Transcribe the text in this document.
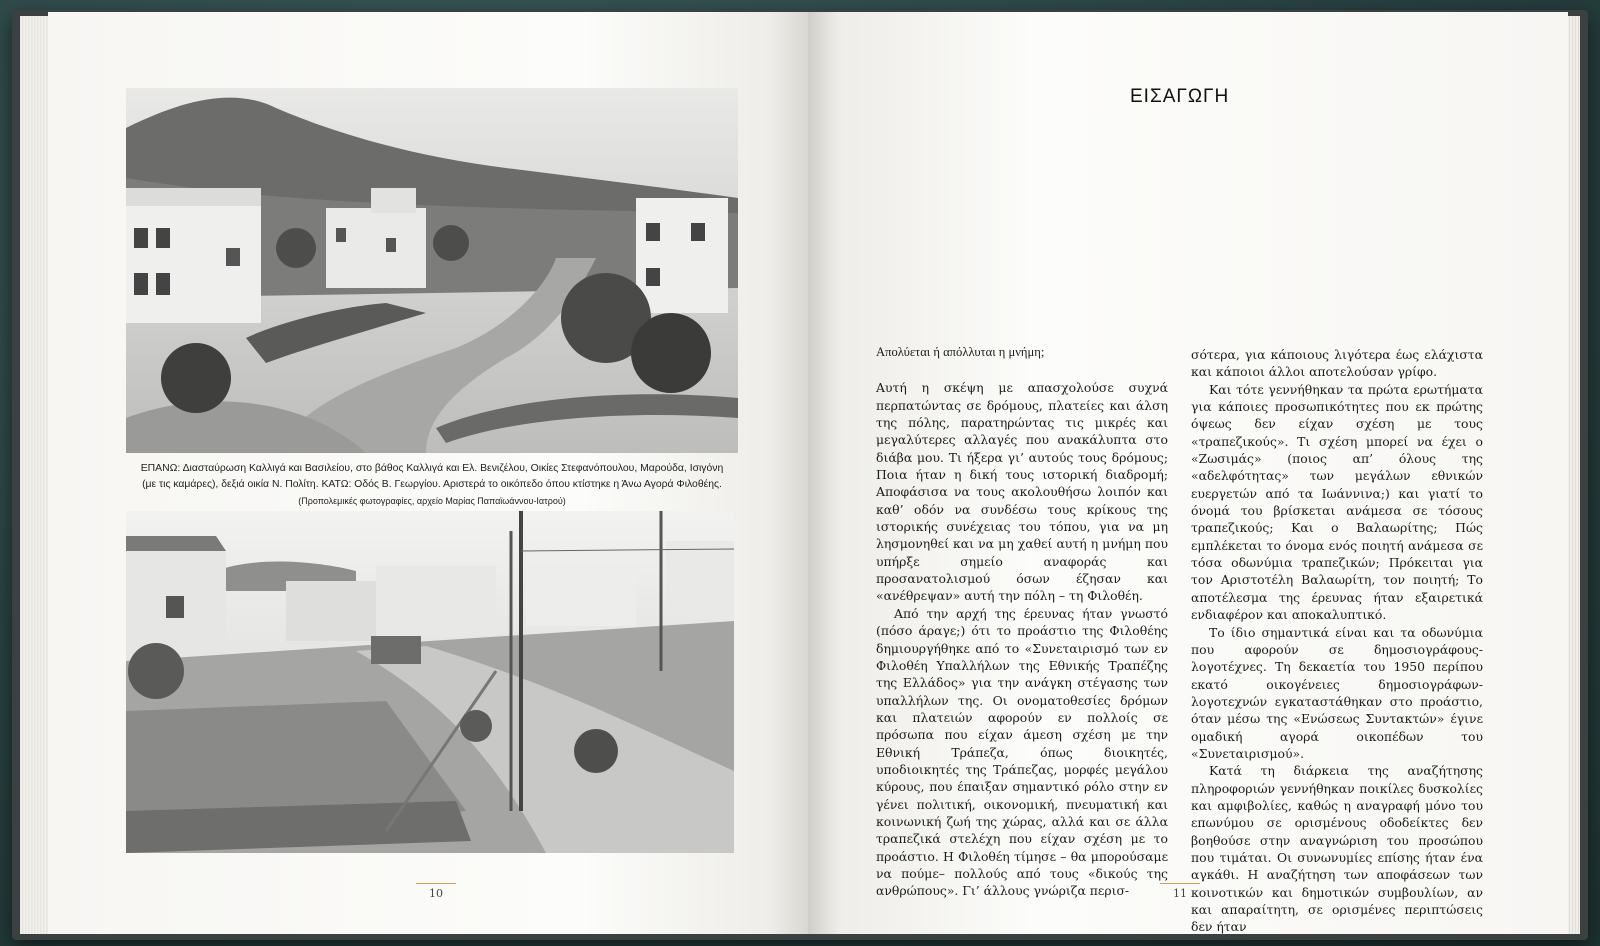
ΕΠΑΝΩ: Διασταύρωση Καλλιγά και Βασιλείου, στο βάθος Καλλιγά και Ελ. Βενιζέλου, Οικίες Στεφανόπουλου, Μαρούδα, Ισιγόνη
(με τις καμάρες), δεξιά οικία Ν. Πολίτη. ΚΑΤΩ: Οδός Β. Γεωργίου. Αριστερά το οικόπεδο όπου κτίστηκε η Άνω Αγορά Φιλοθέης.
(Προπολεμικές φωτογραφίες, αρχείο Μαρίας Παπαϊωάννου-Ιατρού)
10
ΕΙΣΑΓΩΓΗ

Απολύεται ή απόλλυται η μνήμη;

Αυτή η σκέψη με απασχολούσε συχνά περπατώντας σε δρόμους, πλατείες και άλση της πόλης, παρατηρώντας τις μικρές και μεγαλύτερες αλλαγές που ανακάλυπτα στο διάβα μου. Τι ήξερα γι’ αυτούς τους δρόμους; Ποια ήταν η δική τους ιστορική διαδρομή; Αποφάσισα να τους ακολουθήσω λοιπόν και καθ’ οδόν να συνδέσω τους κρίκους της ιστορικής συνέχειας του τόπου, για να μη λησμονηθεί και να μη χαθεί αυτή η μνήμη που υπήρξε σημείο αναφοράς και προσανατολισμού όσων έζησαν και «ανέθρεψαν» αυτή την πόλη – τη Φιλοθέη.

Από την αρχή της έρευνας ήταν γνωστό (πόσο άραγε;) ότι το προάστιο της Φιλοθέης δημιουργήθηκε από το «Συνεταιρισμό των εν Φιλοθέη Υπαλλήλων της Εθνικής Τραπέζης της Ελλάδος» για την ανάγκη στέγασης των υπαλλήλων της. Οι ονοματοθεσίες δρόμων και πλατειών αφορούν εν πολλοίς σε πρόσωπα που είχαν άμεση σχέση με την Εθνική Τράπεζα, όπως διοικητές, υποδιοικητές της Τράπεζας, μορφές μεγάλου κύρους, που έπαιξαν σημαντικό ρόλο στην εν γένει πολιτική, οικονομική, πνευματική και κοινωνική ζωή της χώρας, αλλά και σε άλλα τραπεζικά στελέχη που είχαν σχέση με το προάστιο. Η Φιλοθέη τίμησε – θα μπορούσαμε να πούμε– πολλούς από τους «δικούς της ανθρώπους». Γι’ άλλους γνώριζα περισ-

σότερα, για κάποιους λιγότερα έως ελάχιστα και κάποιοι άλλοι αποτελούσαν γρίφο.

Και τότε γεννήθηκαν τα πρώτα ερωτήματα για κάποιες προσωπικότητες που εκ πρώτης όψεως δεν είχαν σχέση με τους «τραπεζικούς». Τι σχέση μπορεί να έχει ο «Ζωσιμάς» (ποιος απ’ όλους της «αδελφότητας» των μεγάλων εθνικών ευεργετών από τα Ιωάννινα;) και γιατί το όνομά του βρίσκεται ανάμεσα σε τόσους τραπεζικούς; Και ο Βαλαωρίτης; Πώς εμπλέκεται το όνομα ενός ποιητή ανάμεσα σε τόσα οδωνύμια τραπεζικών; Πρόκειται για τον Αριστοτέλη Βαλαωρίτη, τον ποιητή; Το αποτέλεσμα της έρευνας ήταν εξαιρετικά ενδιαφέρον και αποκαλυπτικό.

Το ίδιο σημαντικά είναι και τα οδωνύμια που αφορούν σε δημοσιογράφους- λογοτέχνες. Τη δεκαετία του 1950 περίπου εκατό οικογένειες δημοσιογράφων-λογοτεχνών εγκαταστάθηκαν στο προάστιο, όταν μέσω της «Ενώσεως Συντακτών» έγινε ομαδική αγορά οικοπέδων του «Συνεταιρισμού».

Κατά τη διάρκεια της αναζήτησης πληροφοριών γεννήθηκαν ποικίλες δυσκολίες και αμφιβολίες, καθώς η αναγραφή μόνο του επωνύμου σε ορισμένους οδοδείκτες δεν βοηθούσε στην αναγνώριση του προσώπου που τιμάται. Οι συνωνυμίες επίσης ήταν ένα αγκάθι. Η αναζήτηση των αποφάσεων των κοινοτικών και δημοτικών συμβουλίων, αν και απαραίτητη, σε ορισμένες περιπτώσεις δεν ήταν

11
